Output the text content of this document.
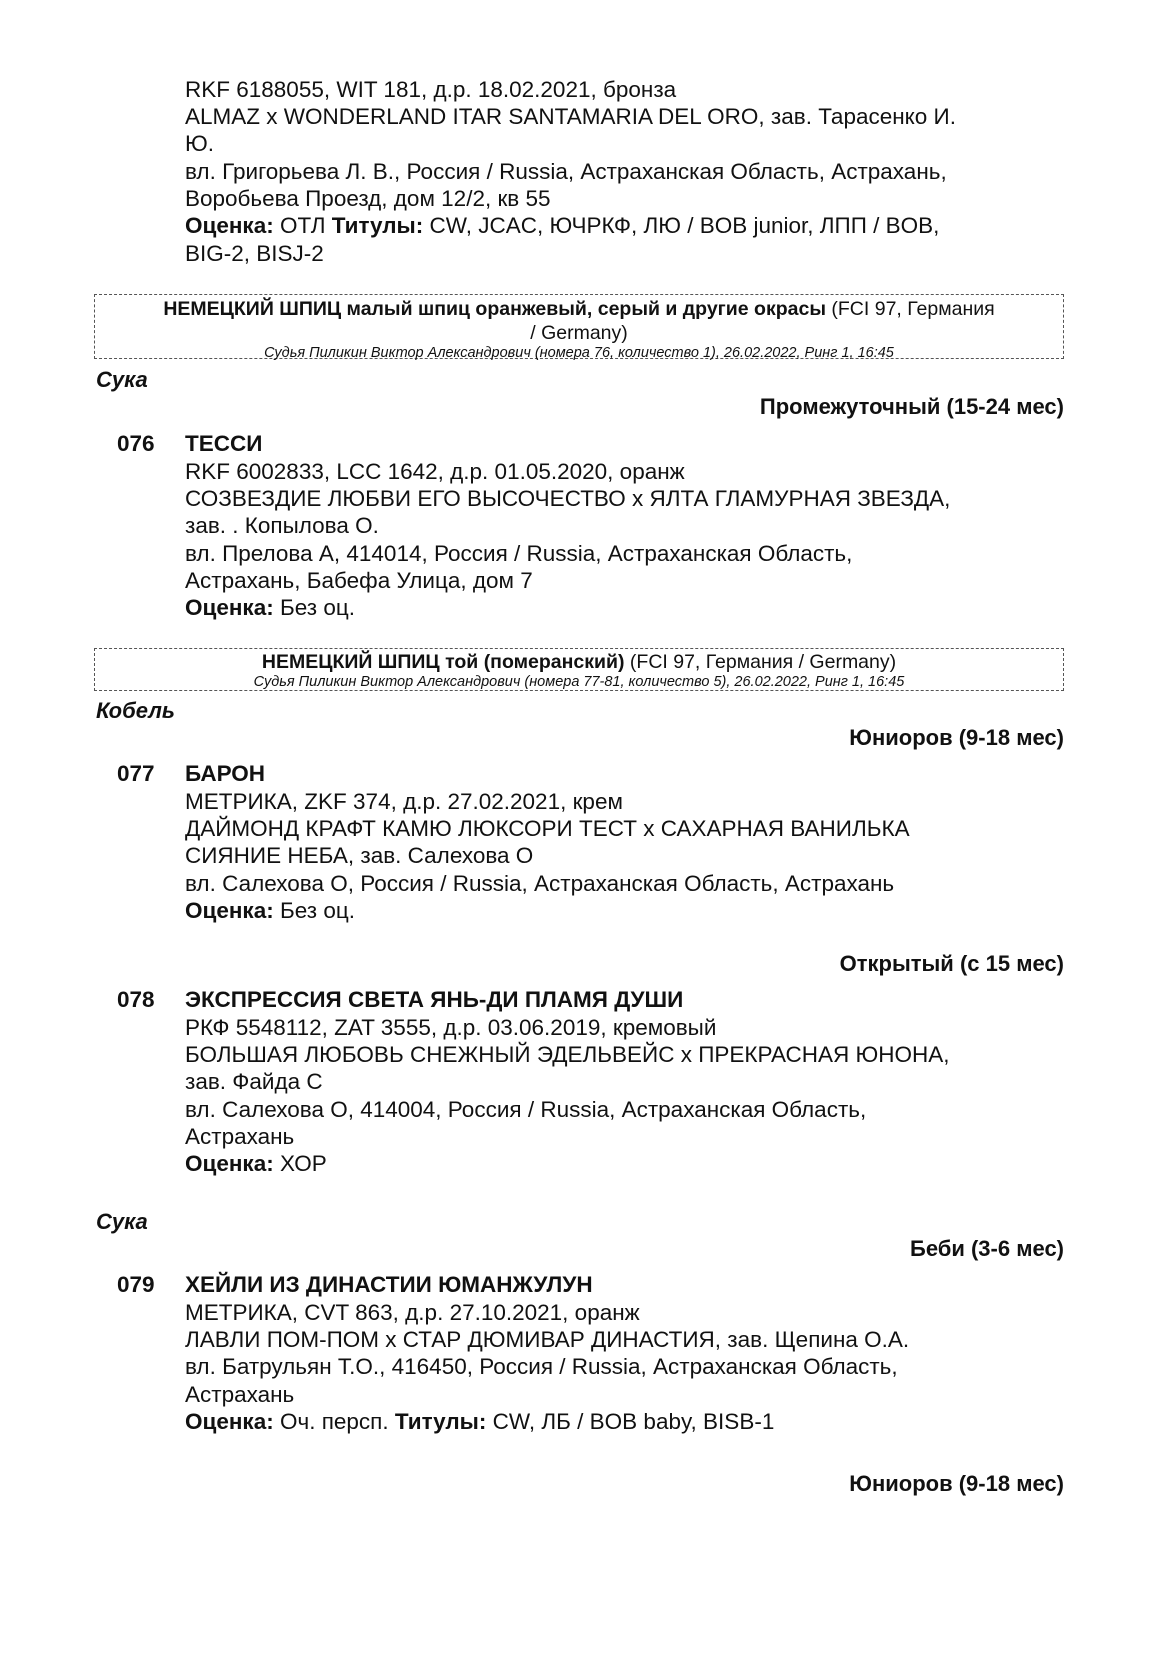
RKF 6188055, WIT 181, д.р. 18.02.2021, бронза
ALMAZ x WONDERLAND ITAR SANTAMARIA DEL ORO, зав. Тарасенко И.
Ю.
вл. Григорьева Л. В., Россия / Russia, Астраханская Область, Астрахань,
Воробьева Проезд, дом 12/2, кв 55
Оценка: ОТЛ Титулы: CW, JCAC, ЮЧРКФ, ЛЮ / BOB junior, ЛПП / BOB,
BIG-2, BISJ-2
НЕМЕЦКИЙ ШПИЦ малый шпиц оранжевый, серый и другие окрасы (FCI 97, Германия
/ Germany)
Судья Пиликин Виктор Александрович (номера 76, количество 1), 26.02.2022, Ринг 1, 16:45
Сука
Промежуточный (15-24 мес)
076 ТЕССИ
RKF 6002833, LCC 1642, д.р. 01.05.2020, оранж
СОЗВЕЗДИЕ ЛЮБВИ ЕГО ВЫСОЧЕСТВО x ЯЛТА ГЛАМУРНАЯ ЗВЕЗДА,
зав. . Копылова О.
вл. Прелова А, 414014, Россия / Russia, Астраханская Область,
Астрахань, Бабефа Улица, дом 7
Оценка: Без оц.
НЕМЕЦКИЙ ШПИЦ той (померанский) (FCI 97, Германия / Germany)
Судья Пиликин Виктор Александрович (номера 77-81, количество 5), 26.02.2022, Ринг 1, 16:45
Кобель
Юниоров (9-18 мес)
077 БАРОН
МЕТРИКА, ZKF 374, д.р. 27.02.2021, крем
ДАЙМОНД КРАФТ КАМЮ ЛЮКСОРИ ТЕСТ x САХАРНАЯ ВАНИЛЬКА
СИЯНИЕ НЕБА, зав. Салехова О
вл. Салехова О, Россия / Russia, Астраханская Область, Астрахань
Оценка: Без оц.
Открытый (с 15 мес)
078 ЭКСПРЕССИЯ СВЕТА ЯНЬ-ДИ ПЛАМЯ ДУШИ
РКФ 5548112, ZAT 3555, д.р. 03.06.2019, кремовый
БОЛЬШАЯ ЛЮБОВЬ СНЕЖНЫЙ ЭДЕЛЬВЕЙС x ПРЕКРАСНАЯ ЮНОНА,
зав. Файда С
вл. Салехова О, 414004, Россия / Russia, Астраханская Область,
Астрахань
Оценка: ХОР
Сука
Беби (3-6 мес)
079 ХЕЙЛИ ИЗ ДИНАСТИИ ЮМАНЖУЛУН
МЕТРИКА, CVT 863, д.р. 27.10.2021, оранж
ЛАВЛИ ПОМ-ПОМ x СТАР ДЮМИВАР ДИНАСТИЯ, зав. Щепина О.А.
вл. Батрульян Т.О., 416450, Россия / Russia, Астраханская Область,
Астрахань
Оценка: Оч. персп. Титулы: CW, ЛБ / BOB baby, BISB-1
Юниоров (9-18 мес)
